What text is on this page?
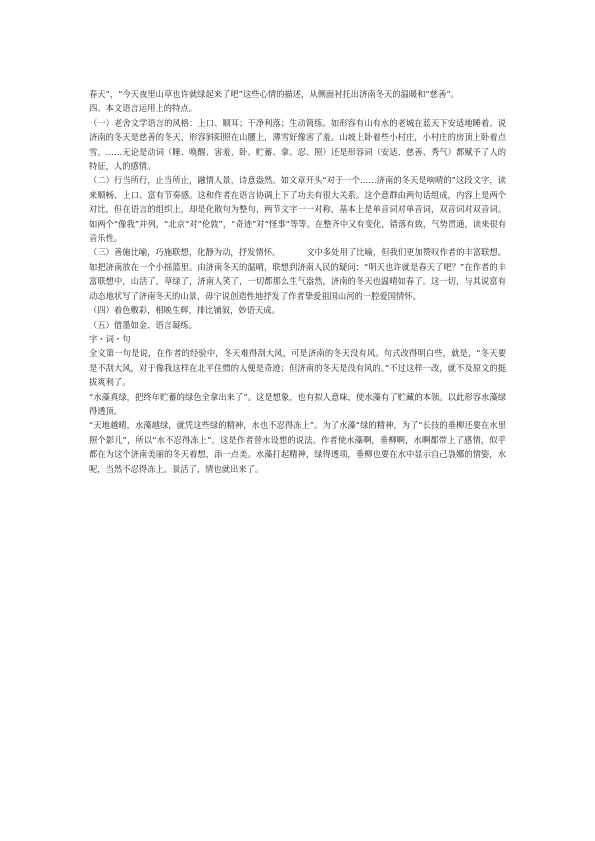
春天”，“今天夜里山草也许就绿起来了吧”这些心情的描述，从侧面衬托出济南冬天的温暖和“慈善”。

四、本文语言运用上的特点。

（一）老舍文学语言的风格：上口、顺耳；干净利落；生动简练。如形容有山有水的老城在蓝天下安适地睡着。说济南的冬天是慈善的冬天，形容斜阳照在山腰上，薄雪好像害了羞。山坡上卧着些小村庄，小村庄的房顶上卧着点雪。……无论是动词（睡、唤醒、害羞、卧、贮蓄、拿、忍、照）还是形容词（安适、慈善、秀气）都赋予了人的特征，人的感情。

（二）行当所行，止当所止，融情人景，诗意盎然。如文章开头“对于一个……济南的冬天是响晴的”这段文字，读来顺畅、上口、富有节奏感。这和作者在语言协调上下了功夫有很大关系。这个意群由两句话组成，内容上是两个对比，但在语言的组织上，却是化散句为整句，两节文字一一对称，基本上是单音词对单音词，双音词对双音词。如两个“像我”并列，“北京”对“伦敦”，“奇迹”对“怪事”等等。在整齐中又有变化，错落有致，气势贯通，读来很有音乐性。

（三）善施比喻，巧施联想，化静为动，抒发情怀。	文中多处用了比喻，但我们更加赞叹作者的丰富联想。如把济南放在一个小摇篮里。由济南冬天的温晴，联想到济南人民的疑问：“明天也许就是春天了吧？”在作者的丰富联想中，山活了，草绿了，济南人笑了，一切都那么生气盎然，济南的冬天也温晴如春了。这一切，与其说富有动态地状写了济南冬天的山景，毋宁说创造性地抒发了作者挚爱祖国山河的一腔爱国情怀。

（四）着色敷彩，相映生辉，排比铺叙，妙语天成。

（五）借墨如金、语言凝练。

字・词・句

全文第一句是说，在作者的经验中，冬天难得刮大风，可是济南的冬天没有风。句式改得明白些，就是，“冬天要是不刮大风，对于像我这样在北平住惯的人便是奇迹；但济南的冬天是没有风的。”不过这样一改，就不及原文的挺拔爽利了。

“水藻真绿，把终年贮蓄的绿色全拿出来了”。这是想象，也有拟人意味，使水藻有了贮藏的本领。以此形容水藻绿得透顶。

“天地越晴，水藻越绿，就凭这些绿的精神，水也不忍得冻上”。为了水藻“绿的精神，为了“长技的垂柳还要在水里照个影儿”，所以“水不忍得冻上”。这是作者替水设想的说法。作者使水藻啊，垂柳啊，水啊都带上了感情，似乎都在为这个济南美丽的冬天着想，添一点美。水藻打起精神，绿得透项，垂柳也要在水中显示自己袅娜的情姿，水呢，当然不忍得冻上。景活了，情也就出来了。
